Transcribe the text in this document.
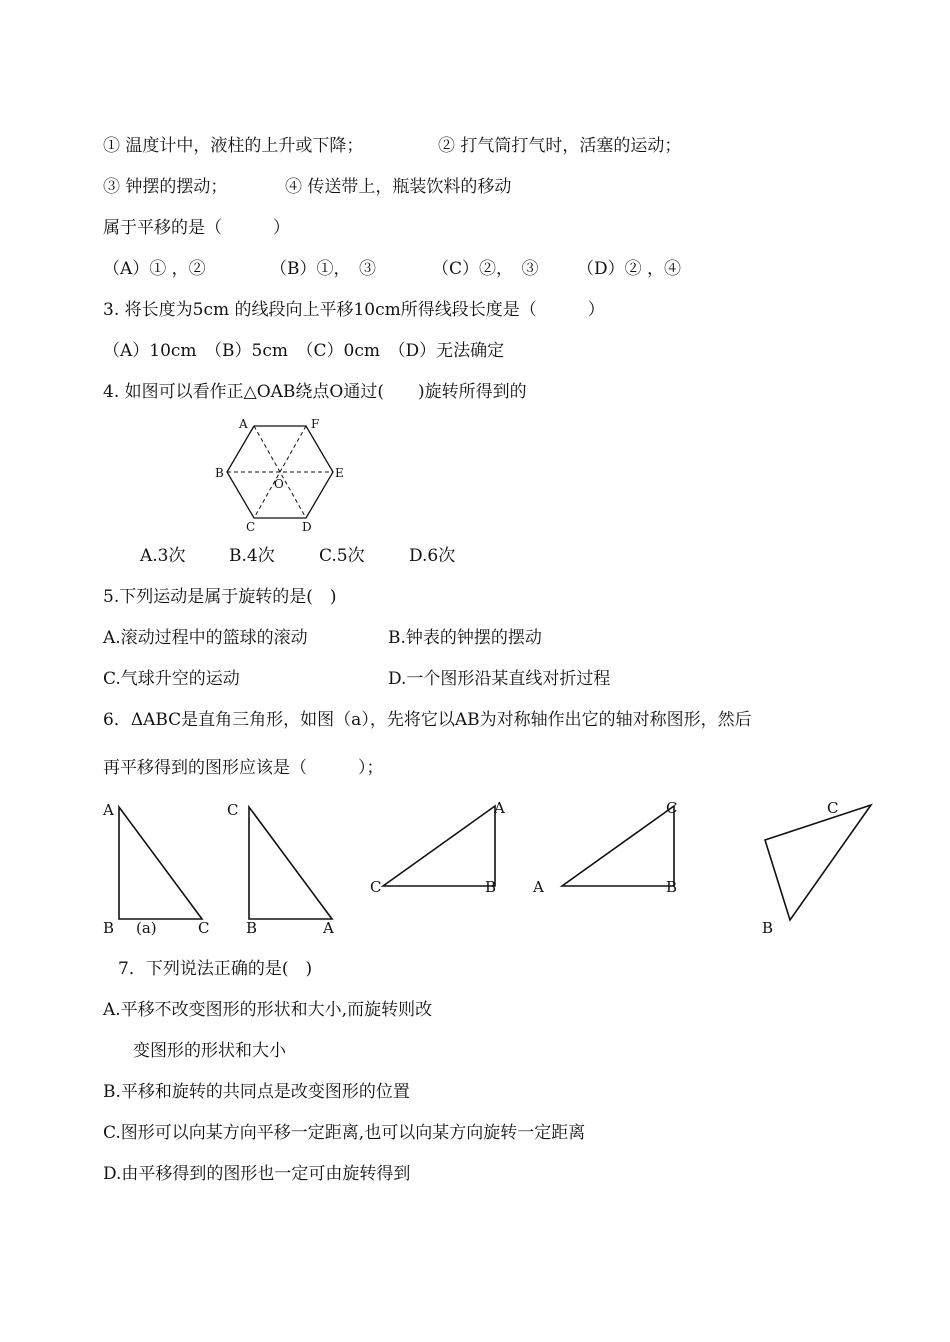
① 温度计中，液柱的上升或下降；	② 打气筒打气时，活塞的运动；
③ 钟摆的摆动；	④ 传送带上，瓶装饮料的移动
属于平移的是（　　　）
（A）① ，②	（B）①，　③	（C）②，　③ （D）② ，④
3. 将长度为5cm 的线段向上平移10cm所得线段长度是（　　　）
（A）10cm　（B）5cm　（C）0cm　（D）无法确定
4. 如图可以看作正△OAB绕点O通过(　　)旋转所得到的
A	F
B
O
E
C	D
A.3次	B.4次	C.5次	D.6次
5.下列运动是属于旋转的是(　)
A.滚动过程中的篮球的滚动	B.钟表的钟摆的摆动
C.气球升空的运动	D.一个图形沿某直线对折过程
6．ΔABC是直角三角形，如图（a），先将它以AB为对称轴作出它的轴对称图形，然后
再平移得到的图形应该是（　　　）；
A
B (a)	C
C
B	A
C
A
B A
C
B
C
B
7．下列说法正确的是(　)
A.平移不改变图形的形状和大小,而旋转则改
变图形的形状和大小
B.平移和旋转的共同点是改变图形的位置
C.图形可以向某方向平移一定距离,也可以向某方向旋转一定距离
D.由平移得到的图形也一定可由旋转得到
